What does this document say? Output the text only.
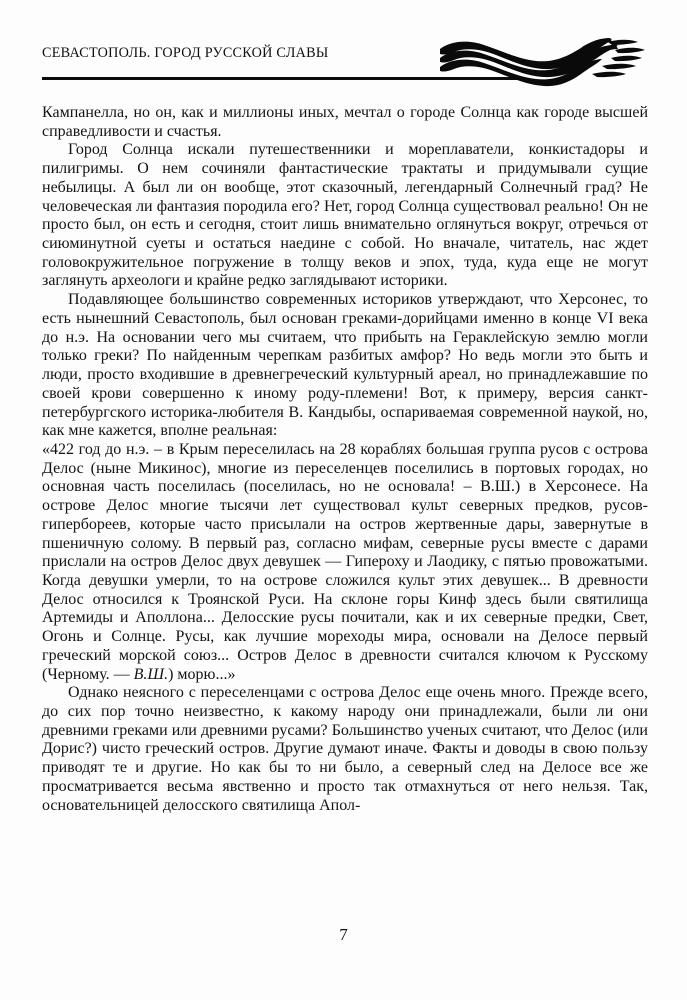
СЕВАСТОПОЛЬ. ГОРОД РУССКОЙ СЛАВЫ

Кампанелла, но он, как и миллионы иных, мечтал о городе Солнца как городе высшей справедливости и счастья.

Город Солнца искали путешественники и мореплаватели, конкистадоры и пилигримы. О нем сочиняли фантастические трактаты и придумывали сущие небылицы. А был ли он вообще, этот сказочный, легендарный Солнечный град? Не человеческая ли фантазия породила его? Нет, город Солнца существовал реально! Он не просто был, он есть и сегодня, стоит лишь внимательно оглянуться вокруг, отречься от сиюминутной суеты и остаться наедине с собой. Но вначале, читатель, нас ждет головокружительное погружение в толщу веков и эпох, туда, куда еще не могут заглянуть археологи и крайне редко заглядывают историки.

Подавляющее большинство современных историков утверждают, что Херсонес, то есть нынешний Севастополь, был основан греками-дорийцами именно в конце VI века до н.э. На основании чего мы считаем, что прибыть на Гераклейскую землю могли только греки? По найденным черепкам разбитых амфор? Но ведь могли это быть и люди, просто входившие в древнегреческий культурный ареал, но принадлежавшие по своей крови совершенно к иному роду-племени! Вот, к примеру, версия санкт-петербургского историка-любителя В. Кандыбы, оспариваемая современной наукой, но, как мне кажется, вполне реальная:

«422 год до н.э. – в Крым переселилась на 28 кораблях большая группа русов с острова Делос (ныне Микинос), многие из переселенцев поселились в портовых городах, но основная часть поселилась (поселилась, но не основала! – В.Ш.) в Херсонесе. На острове Делос многие тысячи лет существовал культ северных предков, русов-гипербореев, которые часто присылали на остров жертвенные дары, завернутые в пшеничную солому. В первый раз, согласно мифам, северные русы вместе с дарами прислали на остров Делос двух девушек — Гипероху и Лаодику, с пятью провожатыми. Когда девушки умерли, то на острове сложился культ этих девушек... В древности Делос относился к Троянской Руси. На склоне горы Кинф здесь были святилища Артемиды и Аполлона... Делосские русы почитали, как и их северные предки, Свет, Огонь и Солнце. Русы, как лучшие мореходы мира, основали на Делосе первый греческий морской союз... Остров Делос в древности считался ключом к Русскому (Черному. — В.Ш.) морю...»

Однако неясного с переселенцами с острова Делос еще очень много. Прежде всего, до сих пор точно неизвестно, к какому народу они принадлежали, были ли они древними греками или древними русами? Большинство ученых считают, что Делос (или Дорис?) чисто греческий остров. Другие думают иначе. Факты и доводы в свою пользу приводят те и другие. Но как бы то ни было, а северный след на Делосе все же просматривается весьма явственно и просто так отмахнуться от него нельзя. Так, основательницей делосского святилища Апол-

7
